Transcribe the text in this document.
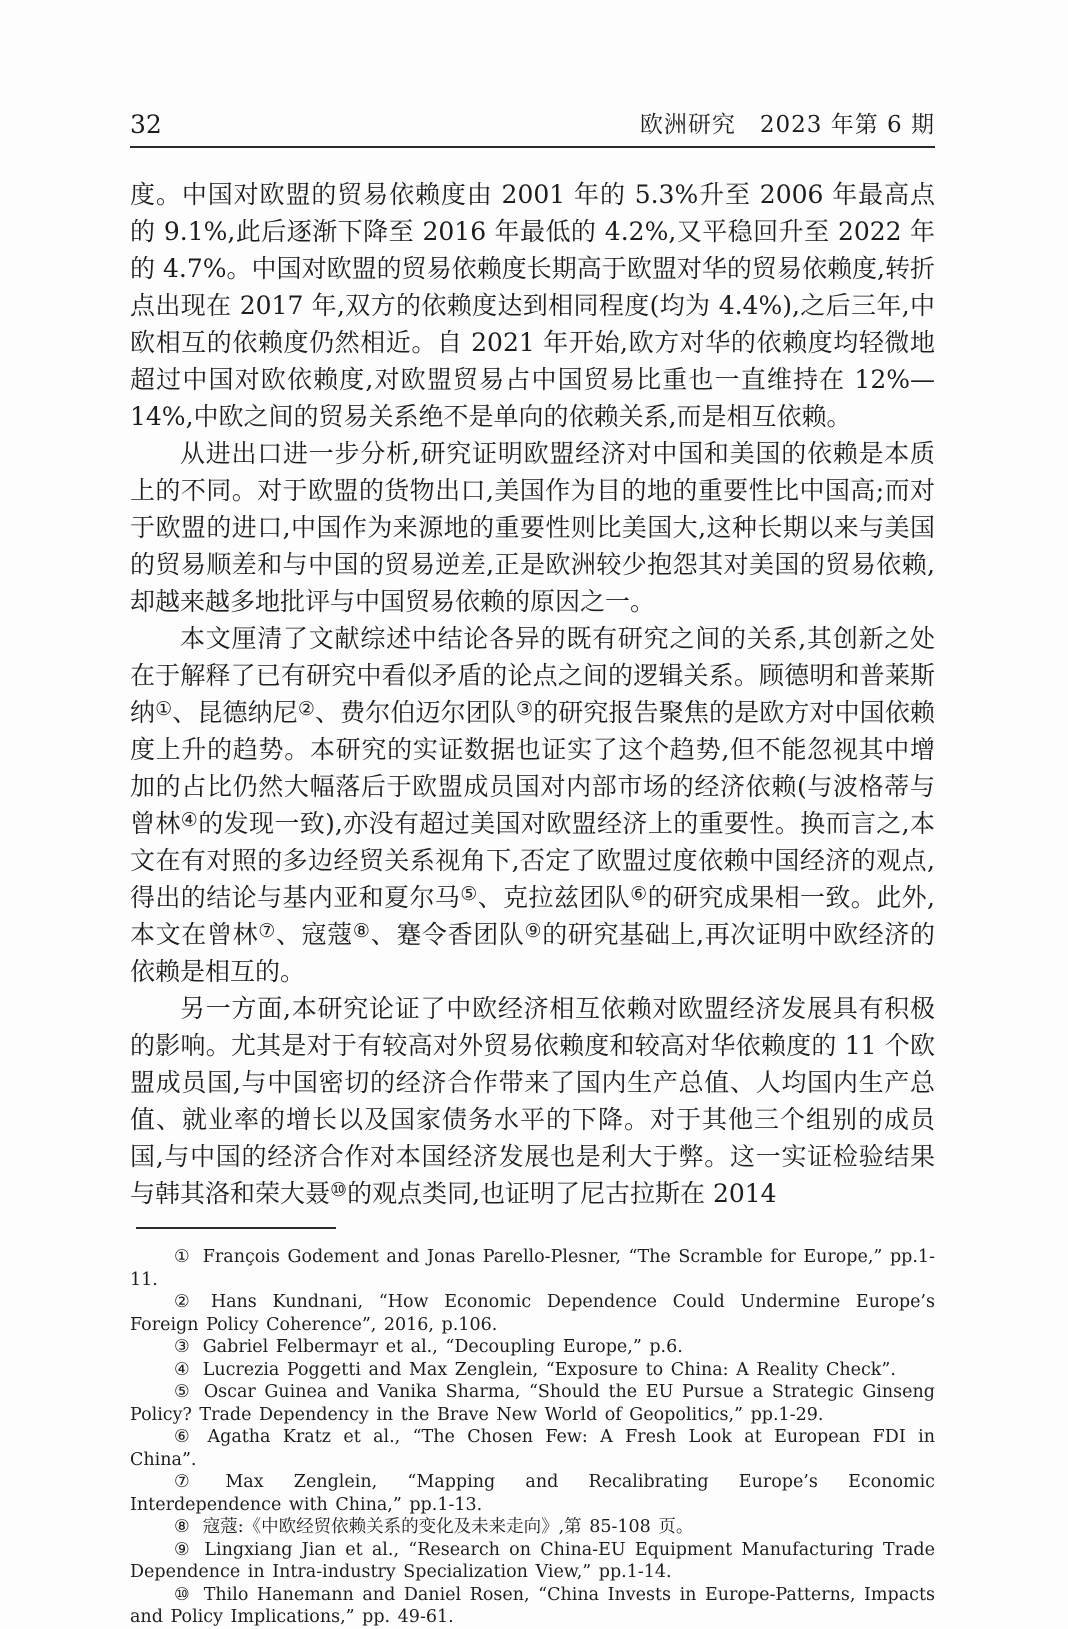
32	欧洲研究　2023 年第 6 期

度。中国对欧盟的贸易依赖度由 2001 年的 5.3%升至 2006 年最高点的 9.1%,此后逐渐下降至 2016 年最低的 4.2%,又平稳回升至 2022 年的 4.7%。中国对欧盟的贸易依赖度长期高于欧盟对华的贸易依赖度,转折点出现在 2017 年,双方的依赖度达到相同程度(均为 4.4%),之后三年,中欧相互的依赖度仍然相近。自 2021 年开始,欧方对华的依赖度均轻微地超过中国对欧依赖度,对欧盟贸易占中国贸易比重也一直维持在 12%—14%,中欧之间的贸易关系绝不是单向的依赖关系,而是相互依赖。

从进出口进一步分析,研究证明欧盟经济对中国和美国的依赖是本质上的不同。对于欧盟的货物出口,美国作为目的地的重要性比中国高;而对于欧盟的进口,中国作为来源地的重要性则比美国大,这种长期以来与美国的贸易顺差和与中国的贸易逆差,正是欧洲较少抱怨其对美国的贸易依赖,却越来越多地批评与中国贸易依赖的原因之一。

本文厘清了文献综述中结论各异的既有研究之间的关系,其创新之处在于解释了已有研究中看似矛盾的论点之间的逻辑关系。顾德明和普莱斯纳①、昆德纳尼②、费尔伯迈尔团队③的研究报告聚焦的是欧方对中国依赖度上升的趋势。本研究的实证数据也证实了这个趋势,但不能忽视其中增加的占比仍然大幅落后于欧盟成员国对内部市场的经济依赖(与波格蒂与曾林④的发现一致),亦没有超过美国对欧盟经济上的重要性。换而言之,本文在有对照的多边经贸关系视角下,否定了欧盟过度依赖中国经济的观点,得出的结论与基内亚和夏尔马⑤、克拉兹团队⑥的研究成果相一致。此外,本文在曾林⑦、寇蔻⑧、蹇令香团队⑨的研究基础上,再次证明中欧经济的依赖是相互的。

另一方面,本研究论证了中欧经济相互依赖对欧盟经济发展具有积极的影响。尤其是对于有较高对外贸易依赖度和较高对华依赖度的 11 个欧盟成员国,与中国密切的经济合作带来了国内生产总值、人均国内生产总值、就业率的增长以及国家债务水平的下降。对于其他三个组别的成员国,与中国的经济合作对本国经济发展也是利大于弊。这一实证检验结果与韩其洛和荣大聂⑩的观点类同,也证明了尼古拉斯在 2014

① François Godement and Jonas Parello-Plesner, “The Scramble for Europe,” pp.1-11.

② Hans Kundnani, “How Economic Dependence Could Undermine Europe’s Foreign Policy Coherence”, 2016, p.106.

③ Gabriel Felbermayr et al., “Decoupling Europe,” p.6.

④ Lucrezia Poggetti and Max Zenglein, “Exposure to China: A Reality Check”.

⑤ Oscar Guinea and Vanika Sharma, “Should the EU Pursue a Strategic Ginseng Policy? Trade Dependency in the Brave New World of Geopolitics,” pp.1-29.

⑥ Agatha Kratz et al., “The Chosen Few: A Fresh Look at European FDI in China”.

⑦ Max Zenglein, “Mapping and Recalibrating Europe’s Economic Interdependence with China,” pp.1-13.

⑧ 寇蔻:《中欧经贸依赖关系的变化及未来走向》,第 85-108 页。

⑨ Lingxiang Jian et al., “Research on China-EU Equipment Manufacturing Trade Dependence in Intra-industry Specialization View,” pp.1-14.

⑩ Thilo Hanemann and Daniel Rosen, “China Invests in Europe-Patterns, Impacts and Policy Implications,” pp. 49-61.
